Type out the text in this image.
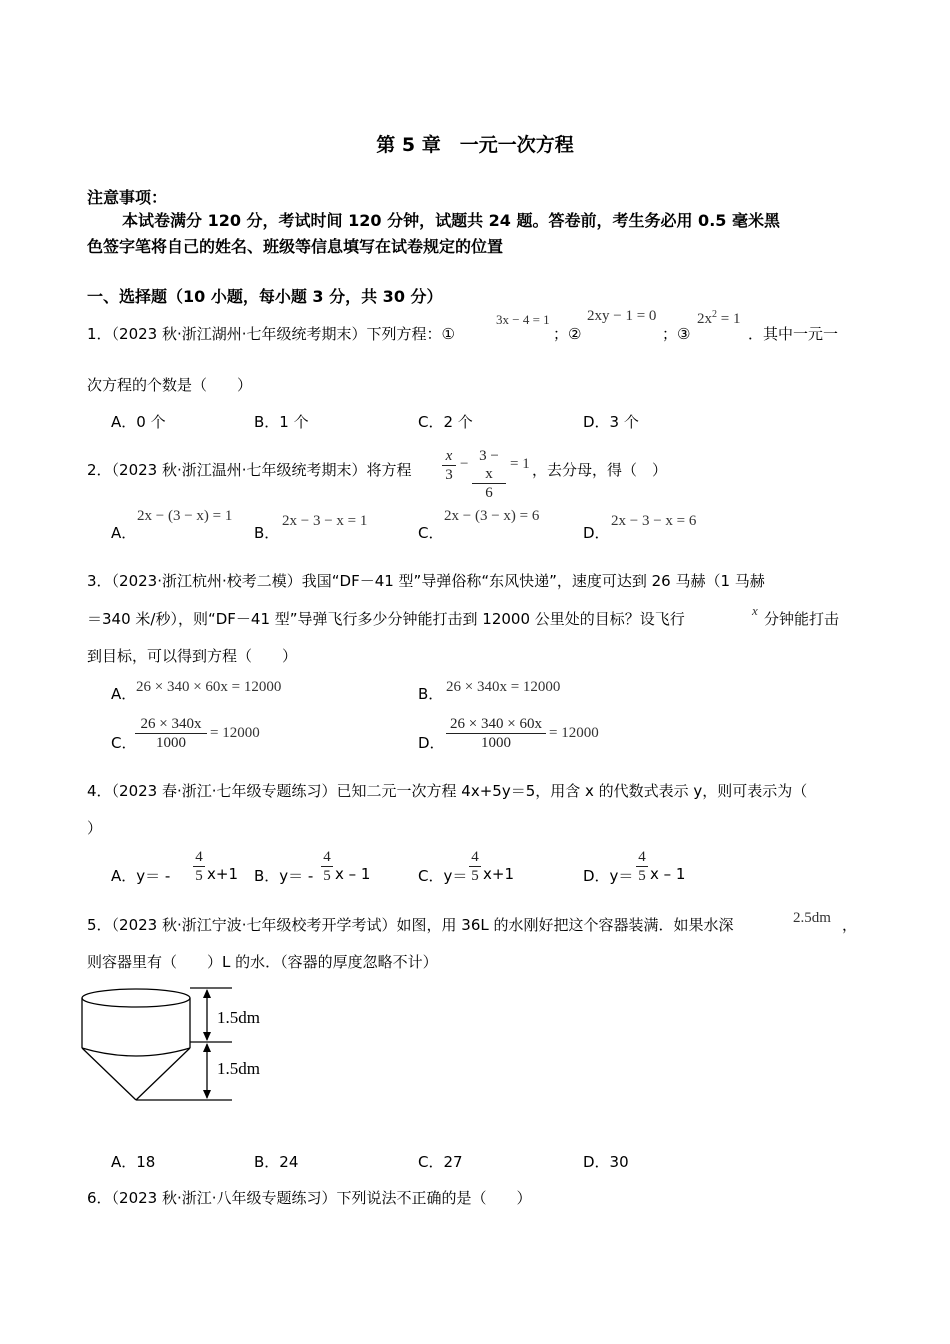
第 5 章　一元一次方程
注意事项：
本试卷满分 120 分，考试时间 120 分钟，试题共 24 题。答卷前，考生务必用 0.5 毫米黑
色签字笔将自己的姓名、班级等信息填写在试卷规定的位置
一、选择题（10 小题，每小题 3 分，共 30 分）
1．（2023 秋·浙江湖州·七年级统考期末）下列方程：①
3x − 4 = 1
；②
2xy − 1 = 0
；③
$2x^2 = 1$
．其中一元一
次方程的个数是（　　）
A．0 个	B．1 个	C．2 个	D．3 个
2．（2023 秋·浙江温州·七年级统考期末）将方程 $\frac{x}{3} - \frac{3 - x}{6} = 1$ ，去分母，得（　）
A．
2x − (3 − x) = 1
B．
2x − 3 − x = 1
C．
2x − (3 − x) = 6
D．
2x − 3 − x = 6
3．（2023·浙江杭州·校考二模）我国“DF－41 型”导弹俗称“东风快递”，速度可达到 26 马赫（1 马赫
＝340 米/秒），则“DF－41 型”导弹飞行多少分钟能打击到 12000 公里处的目标？设飞行	x 分钟能打击
到目标，可以得到方程（　　）
A． 26 × 340 × 60x = 12000	B． 26 × 340x = 12000
C．
$\frac{26 \times 340x}{1000} = 12000$
D． $\frac{26 \times 340 \times 60x}{1000} = 12000$
4．（2023 春·浙江·七年级专题练习）已知二元一次方程 4x+5y＝5，用含 x 的代数式表示 y，则可表示为（
）
A．$y= - \frac{4}{5} x+1$ B．$y= - \frac{4}{5}$ x – 1	C．$y= \frac{4}{5} x+1$	D．$y= \frac{4}{5}$ x – 1
5．（2023 秋·浙江宁波·七年级校考开学考试）如图，用 36L 的水刚好把这个容器装满．如果水深	2.5dm ，
则容器里有（　　）L 的水．（容器的厚度忽略不计）
1.5dm
1.5dm
A．18	B．24	C．27	D．30
6．（2023 秋·浙江·八年级专题练习）下列说法不正确的是（　　）
